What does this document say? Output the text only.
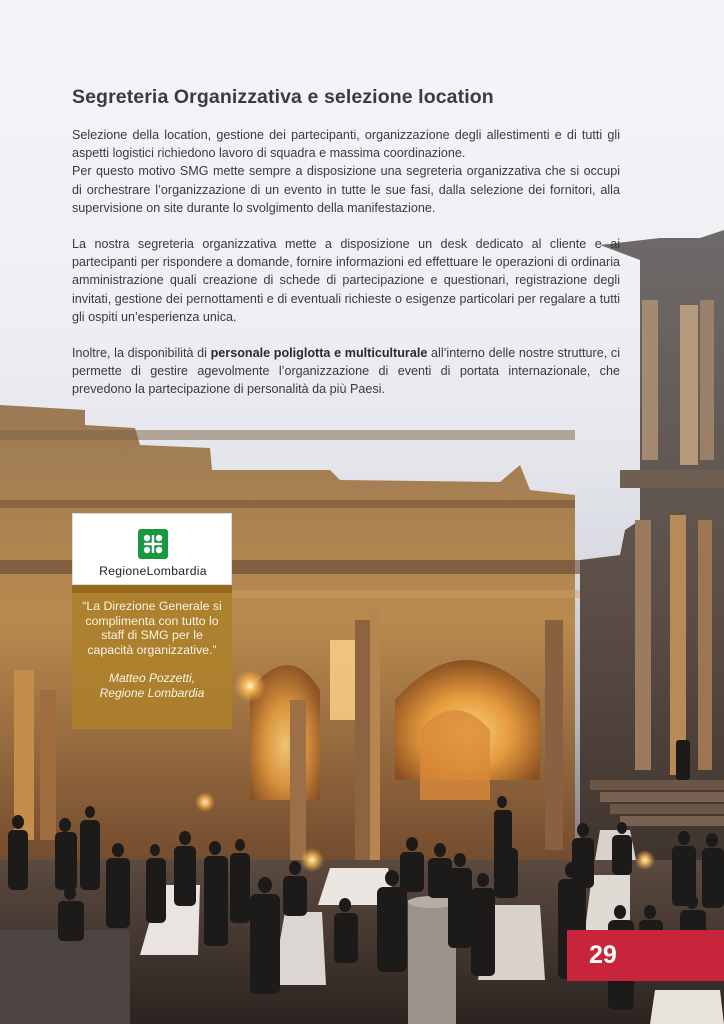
Segreteria Organizzativa e selezione location

Selezione della location, gestione dei partecipanti, organizzazione degli allestimenti e di tutti gli aspetti logistici richiedono lavoro di squadra e massima coordinazione.

Per questo motivo SMG mette sempre a disposizione una segreteria organizzativa che si occupi di orchestrare l’organizzazione di un evento in tutte le sue fasi, dalla selezione dei fornitori, alla supervisione on site durante lo svolgimento della manifestazione.

La nostra segreteria organizzativa mette a disposizione un desk dedicato al cliente e ai partecipanti per rispondere a domande, fornire informazioni ed effettuare le operazioni di ordinaria amministrazione quali creazione di schede di partecipazione e questionari, registrazione degli invitati, gestione dei pernottamenti e di eventuali richieste o esigenze particolari per regalare a tutti gli ospiti un’esperienza unica.

Inoltre, la disponibilità di personale poliglotta e multiculturale all’interno delle nostre strutture, ci permette di gestire agevolmente l’organizzazione di eventi di portata internazionale, che prevedono la partecipazione di personalità da più Paesi.

RegioneLombardia
“La Direzione Generale si complimenta con tutto lo staff di SMG per le capacità organizzative.”
Matteo Pozzetti,
Regione Lombardia
29
